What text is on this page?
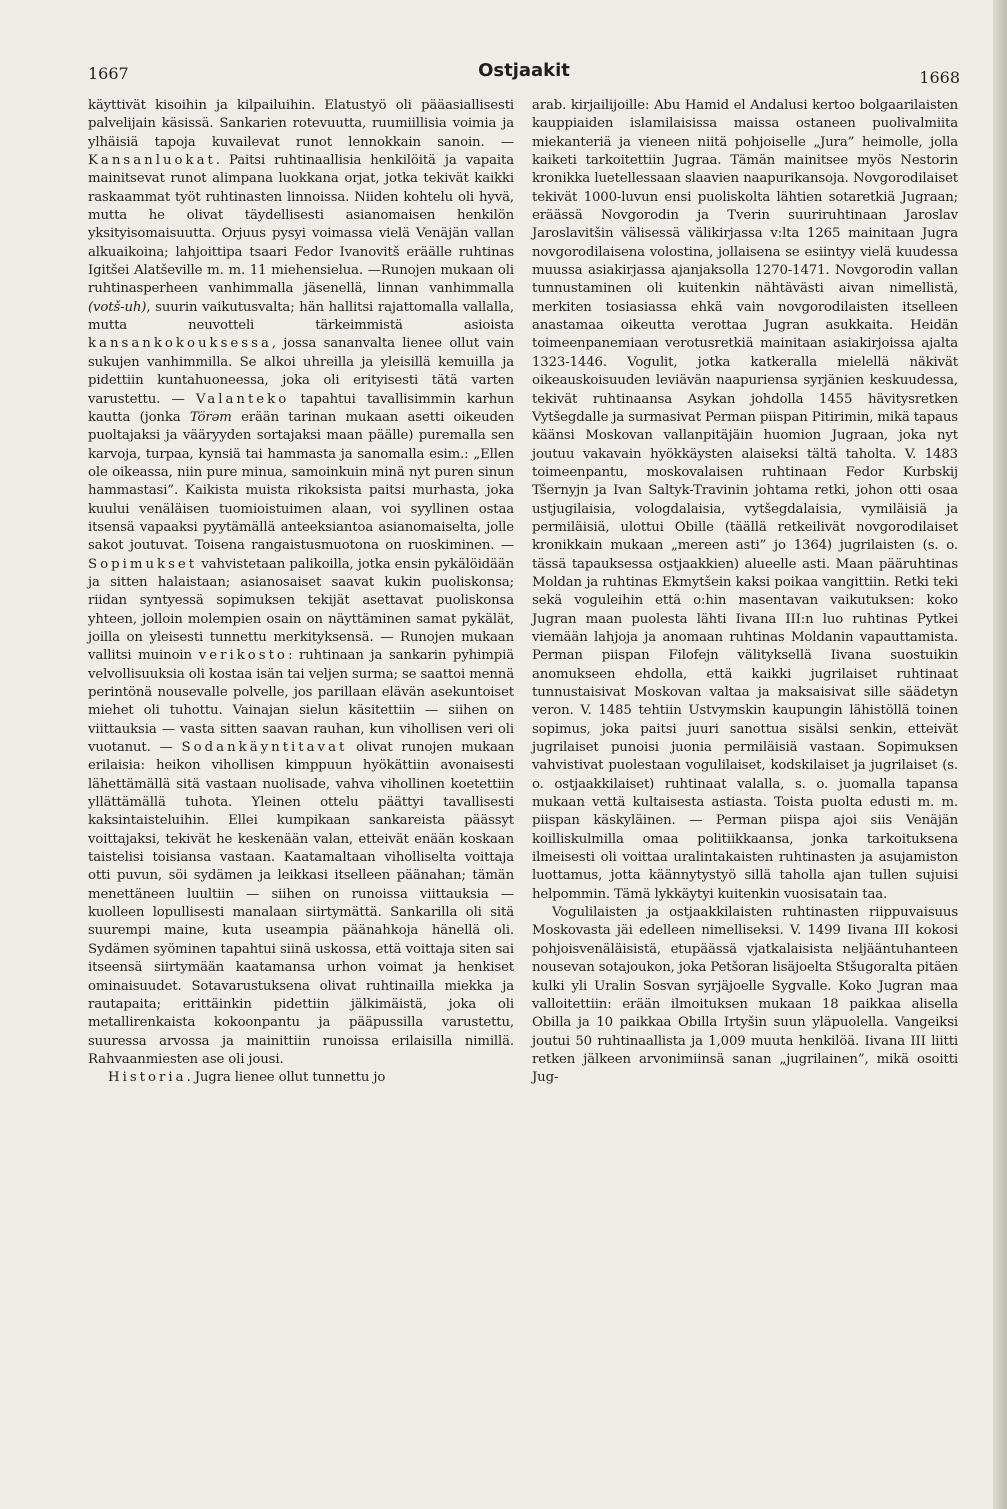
1667	Ostjaakit	1668

käyttivät kisoihin ja kilpailuihin. Elatustyö oli pääasiallisesti palvelijain käsissä. Sankarien rotevuutta, ruumiillisia voimia ja ylhäisiä tapoja kuvailevat runot lennokkain sanoin. — Kansanluokat. Paitsi ruhtinaallisia henkilöitä ja vapaita mainitsevat runot alimpana luokkana orjat, jotka tekivät kaikki raskaammat työt ruhtinasten linnoissa. Niiden kohtelu oli hyvä, mutta he olivat täydellisesti asianomaisen henkilön yksityisomaisuutta. Orjuus pysyi voimassa vielä Venäjän vallan alkuaikoina; lahjoittipa tsaari Fedor Ivanovitš eräälle ruhtinas Igitšei Alatševille m. m. 11 miehensielua. —Runojen mukaan oli ruhtinasperheen vanhimmalla jäsenellä, linnan vanhimmalla (votš-uh), suurin vaikutusvalta; hän hallitsi rajattomalla vallalla, mutta neuvotteli tärkeimmistä asioista kansankokouksessa, jossa sananvalta lienee ollut vain sukujen vanhimmilla. Se alkoi uhreilla ja yleisillä kemuilla ja pidettiin kuntahuoneessa, joka oli erityisesti tätä varten varustettu. — Valanteko tapahtui tavallisimmin karhun kautta (jonka Törəm erään tarinan mukaan asetti oikeuden puoltajaksi ja vääryyden sortajaksi maan päälle) puremalla sen karvoja, turpaa, kynsiä tai hammasta ja sanomalla esim.: „Ellen ole oikeassa, niin pure minua, samoinkuin minä nyt puren sinun hammastasi”. Kaikista muista rikoksista paitsi murhasta, joka kuului venäläisen tuomioistuimen alaan, voi syyllinen ostaa itsensä vapaaksi pyytämällä anteeksiantoa asianomaiselta, jolle sakot joutuvat. Toisena rangaistusmuotona on ruoskiminen. — Sopimukset vahvistetaan palikoilla, jotka ensin pykälöidään ja sitten halaistaan; asianosaiset saavat kukin puoliskonsa; riidan syntyessä sopimuksen tekijät asettavat puoliskonsa yhteen, jolloin molempien osain on näyttäminen samat pykälät, joilla on yleisesti tunnettu merkityksensä. — Runojen mukaan vallitsi muinoin verikosto: ruhtinaan ja sankarin pyhimpiä velvollisuuksia oli kostaa isän tai veljen surma; se saattoi mennä perintönä nousevalle polvelle, jos parillaan elävän asekuntoiset miehet oli tuhottu. Vainajan sielun käsitettiin — siihen on viittauksia — vasta sitten saavan rauhan, kun vihollisen veri oli vuotanut. — Sodankäyntitavat olivat runojen mukaan erilaisia: heikon vihollisen kimppuun hyökättiin avonaisesti lähettämällä sitä vastaan nuolisade, vahva vihollinen koetettiin yllättämällä tuhota. Yleinen ottelu päättyi tavallisesti kaksintaisteluihin. Ellei kumpikaan sankareista päässyt voittajaksi, tekivät he keskenään valan, etteivät enään koskaan taistelisi toisiansa vastaan. Kaatamaltaan viholliselta voittaja otti puvun, söi sydämen ja leikkasi itselleen päänahan; tämän menettäneen luultiin — siihen on runoissa viittauksia — kuolleen lopullisesti manalaan siirtymättä. Sankarilla oli sitä suurempi maine, kuta useampia päänahkoja hänellä oli. Sydämen syöminen tapahtui siinä uskossa, että voittaja siten sai itseensä siirtymään kaatamansa urhon voimat ja henkiset ominaisuudet. Sotavarustuksena olivat ruhtinailla miekka ja rautapaita; erittäinkin pidettiin jälkimäistä, joka oli metallirenkaista kokoonpantu ja pääpussilla varustettu, suuressa arvossa ja mainittiin runoissa erilaisilla nimillä. Rahvaanmiesten ase oli jousi.

Historia. Jugra lienee ollut tunnettu jo

arab. kirjailijoille: Abu Hamid el Andalusi kertoo bolgaarilaisten kauppiaiden islamilaisissa maissa ostaneen puolivalmiita miekanteriä ja vieneen niitä pohjoiselle „Jura” heimolle, jolla kaiketi tarkoitettiin Jugraa. Tämän mainitsee myös Nestorin kronikka luetellessaan slaavien naapurikansoja. Novgorodilaiset tekivät 1000-luvun ensi puoliskolta lähtien sotaretkiä Jugraan; eräässä Novgorodin ja Tverin suuriruhtinaan Jaroslav Jaroslavitšin välisessä välikirjassa v:lta 1265 mainitaan Jugra novgorodilaisena volostina, jollaisena se esiintyy vielä kuudessa muussa asiakirjassa ajanjaksolla 1270-1471. Novgorodin vallan tunnustaminen oli kuitenkin nähtävästi aivan nimellistä, merkiten tosiasiassa ehkä vain novgorodilaisten itselleen anastamaa oikeutta verottaa Jugran asukkaita. Heidän toimeenpanemiaan verotusretkiä mainitaan asiakirjoissa ajalta 1323-1446. Vogulit, jotka katkeralla mielellä näkivät oikeauskoisuuden leviävän naapuriensa syrjänien keskuudessa, tekivät ruhtinaansa Asykan johdolla 1455 hävitysretken Vytšegdalle ja surmasivat Perman piispan Pitirimin, mikä tapaus käänsi Moskovan vallanpitäjäin huomion Jugraan, joka nyt joutuu vakavain hyökkäysten alaiseksi tältä taholta. V. 1483 toimeenpantu, moskovalaisen ruhtinaan Fedor Kurbskij Tšernyjn ja Ivan Saltyk-Travinin johtama retki, johon otti osaa ustjugilaisia, vologdalaisia, vytšegdalaisia, vymiläisiä ja permiläisiä, ulottui Obille (täällä retkeilivät novgorodilaiset kronikkain mukaan „mereen asti” jo 1364) jugrilaisten (s. o. tässä tapauksessa ostjaakkien) alueelle asti. Maan pääruhtinas Moldan ja ruhtinas Ekmytšein kaksi poikaa vangittiin. Retki teki sekä voguleihin että o:hin masentavan vaikutuksen: koko Jugran maan puolesta lähti Iivana III:n luo ruhtinas Pytkei viemään lahjoja ja anomaan ruhtinas Moldanin vapauttamista. Perman piispan Filofejn välityksellä Iivana suostuikin anomukseen ehdolla, että kaikki jugrilaiset ruhtinaat tunnustaisivat Moskovan valtaa ja maksaisivat sille säädetyn veron. V. 1485 tehtiin Ustvymskin kaupungin lähistöllä toinen sopimus, joka paitsi juuri sanottua sisälsi senkin, etteivät jugrilaiset punoisi juonia permiläisiä vastaan. Sopimuksen vahvistivat puolestaan vogulilaiset, kodskilaiset ja jugrilaiset (s. o. ostjaakkilaiset) ruhtinaat valalla, s. o. juomalla tapansa mukaan vettä kultaisesta astiasta. Toista puolta edusti m. m. piispan käskyläinen. — Perman piispa ajoi siis Venäjän koilliskulmilla omaa politiikkaansa, jonka tarkoituksena ilmeisesti oli voittaa uralintakaisten ruhtinasten ja asujamiston luottamus, jotta käännytystyö sillä taholla ajan tullen sujuisi helpommin. Tämä lykkäytyi kuitenkin vuosisatain taa.

Vogulilaisten ja ostjaakkilaisten ruhtinasten riippuvaisuus Moskovasta jäi edelleen nimelliseksi. V. 1499 Iivana III kokosi pohjoisvenäläisistä, etupäässä vjatkalaisista neljääntuhanteen nousevan sotajoukon, joka Petšoran lisäjoelta Stšugoralta pitäen kulki yli Uralin Sosvan syrjäjoelle Sygvalle. Koko Jugran maa valloitettiin: erään ilmoituksen mukaan 18 paikkaa alisella Obilla ja 10 paikkaa Obilla Irtyšin suun yläpuolella. Vangeiksi joutui 50 ruhtinaallista ja 1,009 muuta henkilöä. Iivana III liitti retken jälkeen arvonimiinsä sanan „jugrilainen”, mikä osoitti Jug-
